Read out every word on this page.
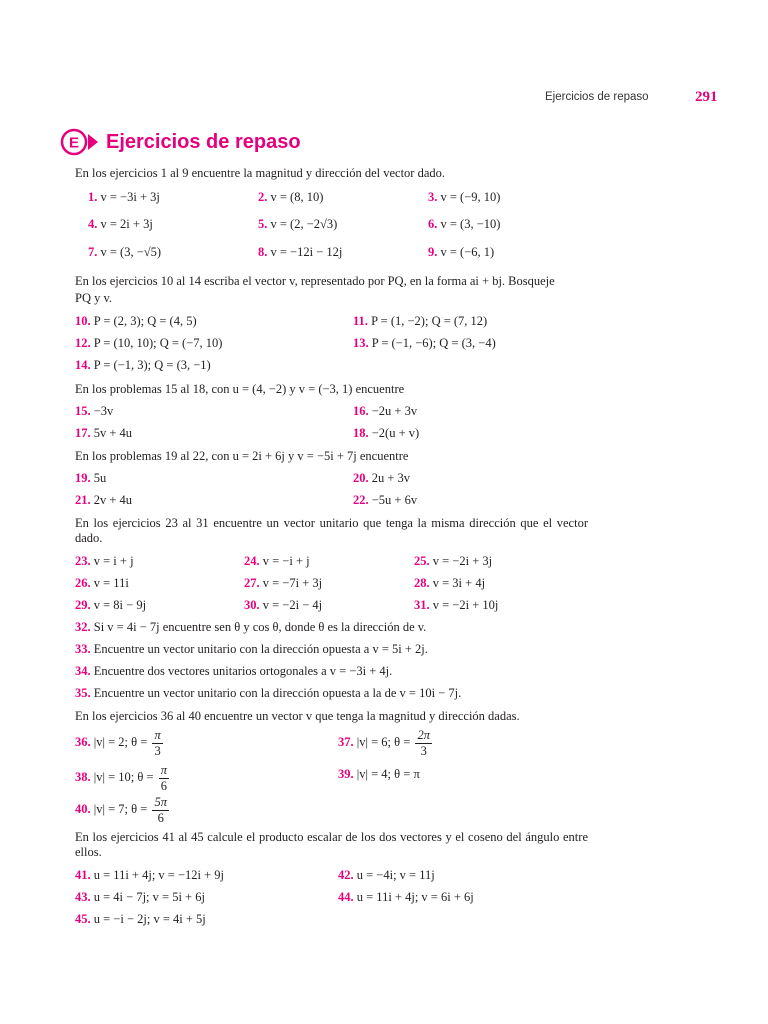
Ejercicios de repaso	291
E Ejercicios de repaso
En los ejercicios 1 al 9 encuentre la magnitud y dirección del vector dado.
1. v = −3i + 3j	2. v = (8, 10)	3. v = (−9, 10)
4. v = 2i + 3j	5. v = (2, −2√3)	6. v = (3, −10)
7. v = (3, −√5)	8. v = −12i − 12j	9. v = (−6, 1)
En los ejercicios 10 al 14 escriba el vector v, representado por PQ, en la forma ai + bj. Bosqueje
PQ y v.
10. P = (2, 3); Q = (4, 5)	11. P = (1, −2); Q = (7, 12)
12. P = (10, 10); Q = (−7, 10)	13. P = (−1, −6); Q = (3, −4)
14. P = (−1, 3); Q = (3, −1)
En los problemas 15 al 18, con u = (4, −2) y v = (−3, 1) encuentre
15. −3v	16. −2u + 3v
17. 5v + 4u	18. −2(u + v)
En los problemas 19 al 22, con u = 2i + 6j y v = −5i + 7j encuentre
19. 5u	20. 2u + 3v
21. 2v + 4u	22. −5u + 6v
En los ejercicios 23 al 31 encuentre un vector unitario que tenga la misma dirección que el vector dado.
23. v = i + j	24. v = −i + j	25. v = −2i + 3j
26. v = 11i	27. v = −7i + 3j	28. v = 3i + 4j
29. v = 8i − 9j	30. v = −2i − 4j	31. v = −2i + 10j
32. Si v = 4i − 7j encuentre sen θ y cos θ, donde θ es la dirección de v.
33. Encuentre un vector unitario con la dirección opuesta a v = 5i + 2j.
34. Encuentre dos vectores unitarios ortogonales a v = −3i + 4j.
35. Encuentre un vector unitario con la dirección opuesta a la de v = 10i − 7j.
En los ejercicios 36 al 40 encuentre un vector v que tenga la magnitud y dirección dadas.
36. |v| = 2; $\theta = \frac{\pi}{3}$	37. |v| = 6; $\theta = \frac{2\pi}{3}$
38. |v| = 10; $\theta = \frac{\pi}{6}$	39. |v| = 4; θ = π
40. |v| = 7; $\theta = \frac{5\pi}{6}$
En los ejercicios 41 al 45 calcule el producto escalar de los dos vectores y el coseno del ángulo entre ellos.
41. u = 11i + 4j; v = −12i + 9j	42. u = −4i; v = 11j
43. u = 4i − 7j; v = 5i + 6j	44. u = 11i + 4j; v = 6i + 6j
45. u = −i − 2j; v = 4i + 5j
